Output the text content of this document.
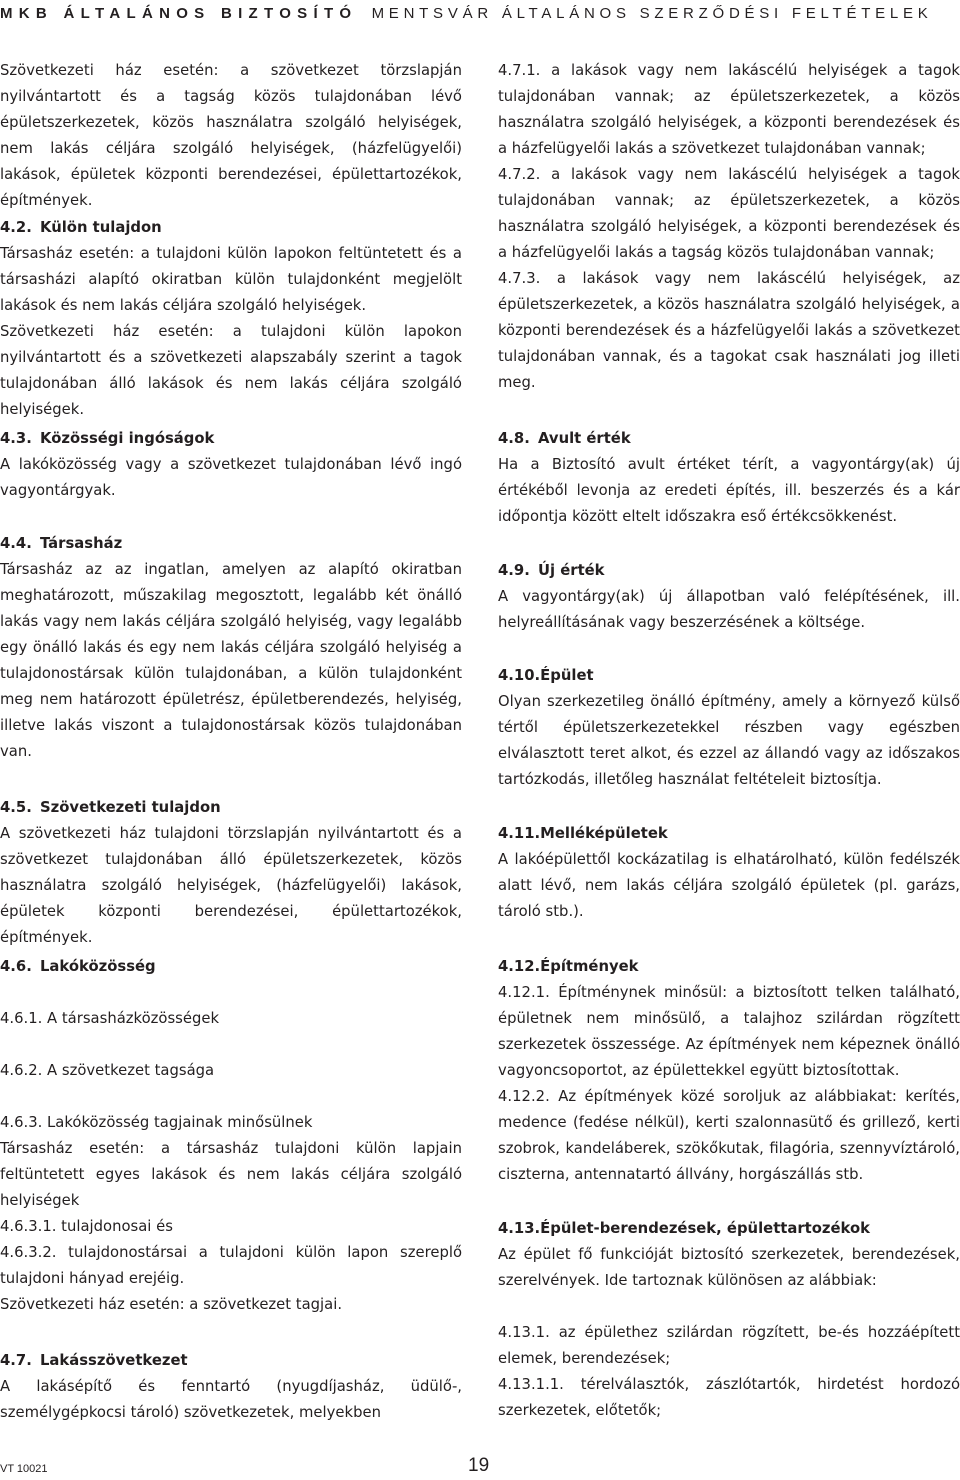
MKB ÁLTALÁNOS BIZTOSÍTÓ MENTSVÁR ÁLTALÁNOS SZERZŐDÉSI FELTÉTELEK

Szövetkezeti ház esetén: a szövetkezet törzslapján nyilvántartott és a tagság közös tulajdonában lévő épületszerkezetek, közös használatra szolgáló helyiségek, nem lakás céljára szolgáló helyiségek, (házfelügyelői) lakások, épületek központi berendezései, épülettartozékok, építmények.

4.2. Külön tulajdon

Társasház esetén: a tulajdoni külön lapokon feltüntetett és a társasházi alapító okiratban külön tulajdonként megjelölt lakások és nem lakás céljára szolgáló helyiségek.

Szövetkezeti ház esetén: a tulajdoni külön lapokon nyilvántartott és a szövetkezeti alapszabály szerint a tagok tulajdonában álló lakások és nem lakás céljára szolgáló helyiségek.

4.3. Közösségi ingóságok

A lakóközösség vagy a szövetkezet tulajdonában lévő ingó vagyontárgyak.

4.4. Társasház

Társasház az az ingatlan, amelyen az alapító okiratban meghatározott, műszakilag megosztott, legalább két önálló lakás vagy nem lakás céljára szolgáló helyiség, vagy legalább egy önálló lakás és egy nem lakás céljára szolgáló helyiség a tulajdonostársak külön tulajdonában, a külön tulajdonként meg nem határozott épületrész, épületberendezés, helyiség, illetve lakás viszont a tulajdonostársak közös tulajdonában van.

4.5. Szövetkezeti tulajdon

A szövetkezeti ház tulajdoni törzslapján nyilvántartott és a szövetkezet tulajdonában álló épületszerkezetek, közös használatra szolgáló helyiségek, (házfelügyelői) lakások, épületek központi berendezései, épülettartozékok, építmények.

4.6. Lakóközösség

4.6.1. A társasházközösségek

4.6.2. A szövetkezet tagsága

4.6.3. Lakóközösség tagjainak minősülnek

Társasház esetén: a társasház tulajdoni külön lapjain feltüntetett egyes lakások és nem lakás céljára szolgáló helyiségek

4.6.3.1. tulajdonosai és

4.6.3.2. tulajdonostársai a tulajdoni külön lapon szereplő tulajdoni hányad erejéig.

Szövetkezeti ház esetén: a szövetkezet tagjai.

4.7. Lakásszövetkezet

A lakásépítő és fenntartó (nyugdíjasház, üdülő-, személygépkocsi tároló) szövetkezetek, melyekben

4.7.1. a lakások vagy nem lakáscélú helyiségek a tagok tulajdonában vannak; az épületszerkezetek, a közös használatra szolgáló helyiségek, a központi berendezések és a házfelügyelői lakás a szövetkezet tulajdonában vannak;

4.7.2. a lakások vagy nem lakáscélú helyiségek a tagok tulajdonában vannak; az épületszerkezetek, a közös használatra szolgáló helyiségek, a központi berendezések és a házfelügyelői lakás a tagság közös tulajdonában vannak;

4.7.3. a lakások vagy nem lakáscélú helyiségek, az épületszerkezetek, a közös használatra szolgáló helyiségek, a központi berendezések és a házfelügyelői lakás a szövetkezet tulajdonában vannak, és a tagokat csak használati jog illeti meg.

4.8. Avult érték

Ha a Biztosító avult értéket térít, a vagyontárgy(ak) új értékéből levonja az eredeti építés, ill. beszerzés és a kár időpontja között eltelt időszakra eső értékcsökkenést.

4.9. Új érték

A vagyontárgy(ak) új állapotban való felépítésének, ill. helyreállításának vagy beszerzésének a költsége.

4.10.Épület

Olyan szerkezetileg önálló építmény, amely a környező külső tértől épületszerkezetekkel részben vagy egészben elválasztott teret alkot, és ezzel az állandó vagy az időszakos tartózkodás, illetőleg használat feltételeit biztosítja.

4.11.Melléképületek

A lakóépülettől kockázatilag is elhatárolható, külön fedélszék alatt lévő, nem lakás céljára szolgáló épületek (pl. garázs, tároló stb.).

4.12.Építmények

4.12.1. Építménynek minősül: a biztosított telken található, épületnek nem minősülő, a talajhoz szilárdan rögzített szerkezetek összessége. Az építmények nem képeznek önálló vagyoncsoportot, az épülettekkel együtt biztosítottak.

4.12.2. Az építmények közé soroljuk az alábbiakat: kerítés, medence (fedése nélkül), kerti szalonnasütő és grillező, kerti szobrok, kandeláberek, szökőkutak, filagória, szennyvíztároló, ciszterna, antennatartó állvány, horgászállás stb.

4.13.Épület-berendezések, épülettartozékok

Az épület fő funkcióját biztosító szerkezetek, berendezések, szerelvények. Ide tartoznak különösen az alábbiak:

4.13.1. az épülethez szilárdan rögzített, be-és hozzáépített elemek, berendezések;

4.13.1.1. térelválasztók, zászlótartók, hirdetést hordozó szerkezetek, előtetők;

VT 10021	19
